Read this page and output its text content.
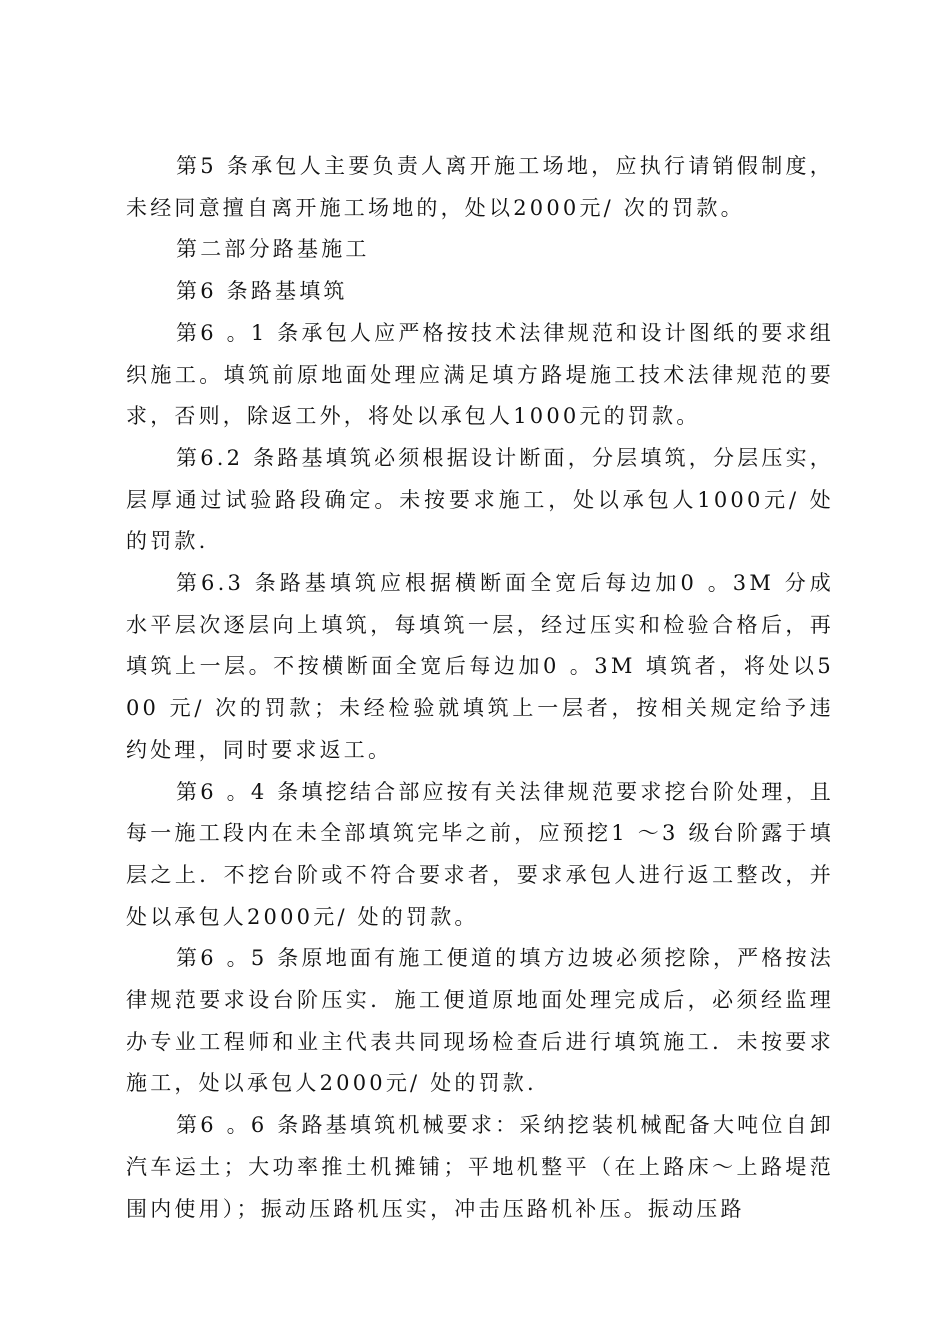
第5 条承包人主要负责人离开施工场地，应执行请销假制度，未经同意擅自离开施工场地的，处以2000元/ 次的罚款。

第二部分路基施工

第6 条路基填筑

第6 。1 条承包人应严格按技术法律规范和设计图纸的要求组织施工。填筑前原地面处理应满足填方路堤施工技术法律规范的要求，否则，除返工外，将处以承包人1000元的罚款。

第6.2 条路基填筑必须根据设计断面，分层填筑，分层压实，层厚通过试验路段确定。未按要求施工，处以承包人1000元/ 处的罚款.

第6.3 条路基填筑应根据横断面全宽后每边加0 。3M 分成水平层次逐层向上填筑，每填筑一层，经过压实和检验合格后，再填筑上一层。不按横断面全宽后每边加0 。3M 填筑者，将处以500 元/ 次的罚款；未经检验就填筑上一层者，按相关规定给予违约处理，同时要求返工。

第6 。4 条填挖结合部应按有关法律规范要求挖台阶处理，且每一施工段内在未全部填筑完毕之前，应预挖1 ～3 级台阶露于填层之上．不挖台阶或不符合要求者，要求承包人进行返工整改，并处以承包人2000元/ 处的罚款。

第6 。5 条原地面有施工便道的填方边坡必须挖除，严格按法律规范要求设台阶压实．施工便道原地面处理完成后，必须经监理办专业工程师和业主代表共同现场检查后进行填筑施工．未按要求施工，处以承包人2000元/ 处的罚款.

第6 。6 条路基填筑机械要求：采纳挖装机械配备大吨位自卸汽车运土；大功率推土机摊铺；平地机整平（在上路床～上路堤范围内使用）；振动压路机压实，冲击压路机补压。振动压路
